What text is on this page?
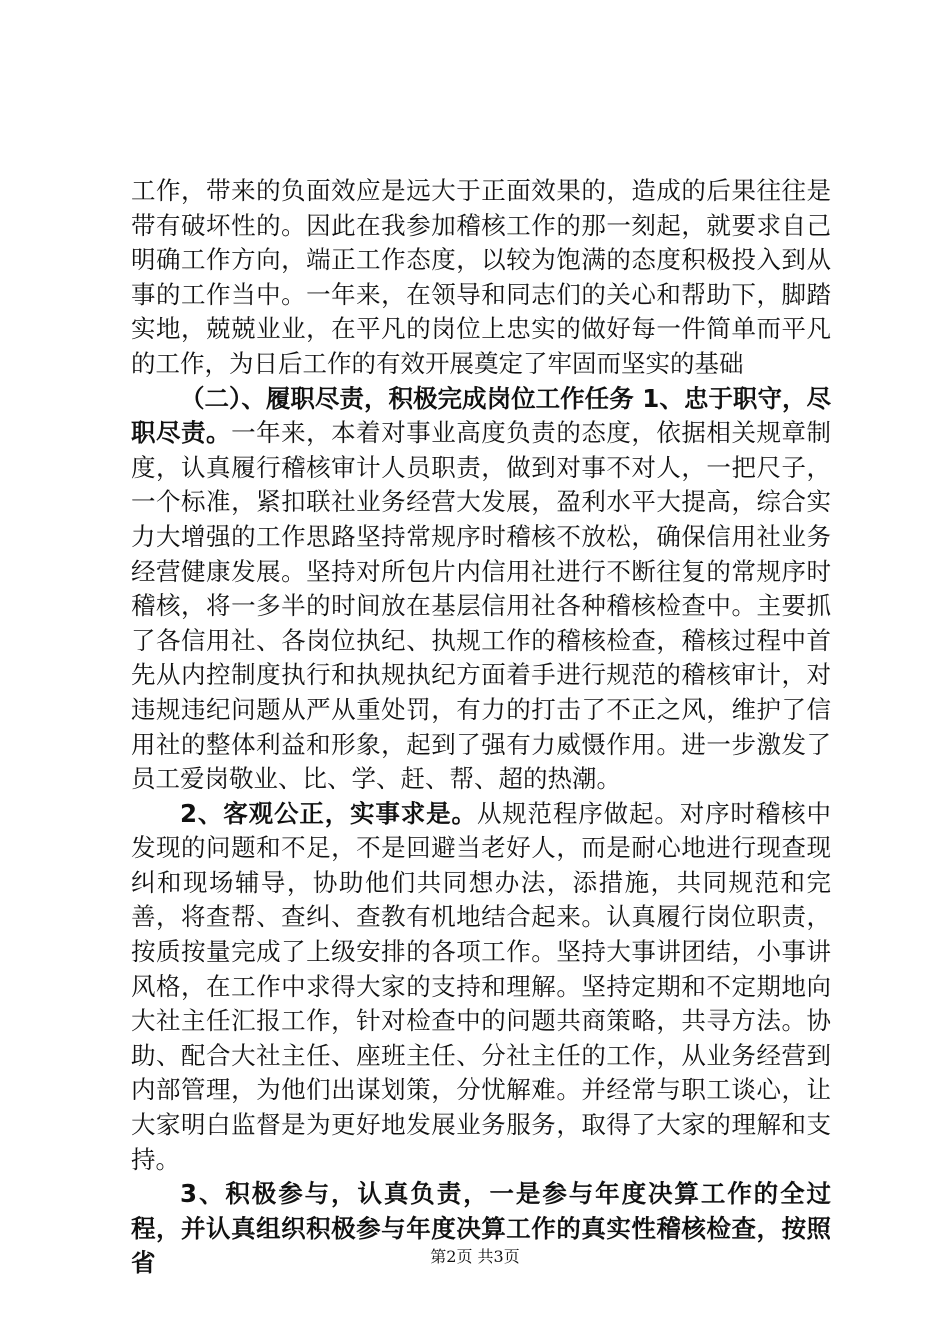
工作，带来的负面效应是远大于正面效果的，造成的后果往往是带有破坏性的。因此在我参加稽核工作的那一刻起，就要求自己明确工作方向，端正工作态度，以较为饱满的态度积极投入到从事的工作当中。一年来，在领导和同志们的关心和帮助下，脚踏实地，兢兢业业，在平凡的岗位上忠实的做好每一件简单而平凡的工作，为日后工作的有效开展奠定了牢固而坚实的基础

（二）、履职尽责，积极完成岗位工作任务 1、忠于职守，尽职尽责。一年来，本着对事业高度负责的态度，依据相关规章制度，认真履行稽核审计人员职责，做到对事不对人，一把尺子，一个标准，紧扣联社业务经营大发展，盈利水平大提高，综合实力大增强的工作思路坚持常规序时稽核不放松，确保信用社业务经营健康发展。坚持对所包片内信用社进行不断往复的常规序时稽核，将一多半的时间放在基层信用社各种稽核检查中。主要抓了各信用社、各岗位执纪、执规工作的稽核检查，稽核过程中首先从内控制度执行和执规执纪方面着手进行规范的稽核审计，对违规违纪问题从严从重处罚，有力的打击了不正之风，维护了信用社的整体利益和形象，起到了强有力威慑作用。进一步激发了员工爱岗敬业、比、学、赶、帮、超的热潮。

2、客观公正，实事求是。从规范程序做起。对序时稽核中发现的问题和不足，不是回避当老好人，而是耐心地进行现查现纠和现场辅导，协助他们共同想办法，添措施，共同规范和完善，将查帮、查纠、查教有机地结合起来。认真履行岗位职责，按质按量完成了上级安排的各项工作。坚持大事讲团结，小事讲风格，在工作中求得大家的支持和理解。坚持定期和不定期地向大社主任汇报工作，针对检查中的问题共商策略，共寻方法。协助、配合大社主任、座班主任、分社主任的工作，从业务经营到内部管理，为他们出谋划策，分忧解难。并经常与职工谈心，让大家明白监督是为更好地发展业务服务，取得了大家的理解和支持。

3、积极参与，认真负责，一是参与年度决算工作的全过程，并认真组织积极参与年度决算工作的真实性稽核检查，按照省	第2页 共3页
